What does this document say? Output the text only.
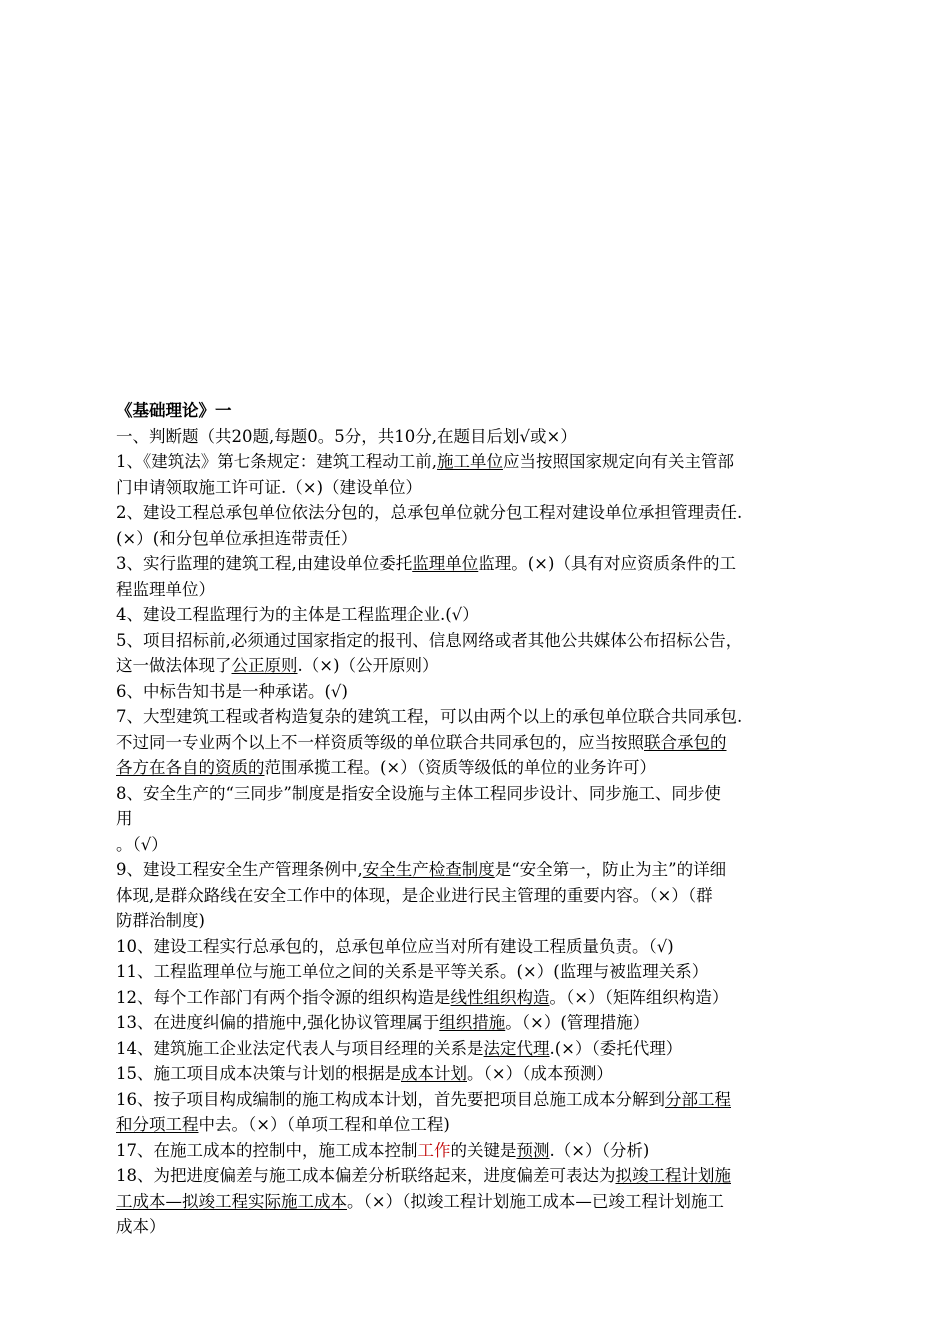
《基础理论》一
一、判断题（共20题,每题0。5分，共10分,在题目后划√或×）
1、《建筑法》第七条规定：建筑工程动工前,施工单位应当按照国家规定向有关主管部
门申请领取施工许可证.（×)（建设单位）
2、建设工程总承包单位依法分包的，总承包单位就分包工程对建设单位承担管理责任.
(×）(和分包单位承担连带责任）
3、实行监理的建筑工程,由建设单位委托监理单位监理。(×)（具有对应资质条件的工
程监理单位）
4、建设工程监理行为的主体是工程监理企业.(√）
5、项目招标前,必须通过国家指定的报刊、信息网络或者其他公共媒体公布招标公告，
这一做法体现了公正原则.（×)（公开原则）
6、中标告知书是一种承诺。(√)
7、大型建筑工程或者构造复杂的建筑工程，可以由两个以上的承包单位联合共同承包.
不过同一专业两个以上不一样资质等级的单位联合共同承包的，应当按照联合承包的
各方在各自的资质的范围承揽工程。(×）（资质等级低的单位的业务许可）
8、安全生产的“三同步”制度是指安全设施与主体工程同步设计、同步施工、同步使
用
。（√）
9、建设工程安全生产管理条例中,安全生产检查制度是“安全第一，防止为主”的详细
体现,是群众路线在安全工作中的体现，是企业进行民主管理的重要内容。（×）（群
防群治制度)
10、建设工程实行总承包的，总承包单位应当对所有建设工程质量负责。（√)
11、工程监理单位与施工单位之间的关系是平等关系。(×）(监理与被监理关系）
12、每个工作部门有两个指令源的组织构造是线性组织构造。（×）（矩阵组织构造）
13、在进度纠偏的措施中,强化协议管理属于组织措施。（×）(管理措施）
14、建筑施工企业法定代表人与项目经理的关系是法定代理.(×）（委托代理）
15、施工项目成本决策与计划的根据是成本计划。（×）（成本预测）
16、按子项目构成编制的施工构成本计划，首先要把项目总施工成本分解到分部工程
和分项工程中去。（×）（单项工程和单位工程)
17、在施工成本的控制中，施工成本控制工作的关键是预测.（×）（分析)
18、为把进度偏差与施工成本偏差分析联络起来，进度偏差可表达为拟竣工程计划施
工成本—拟竣工程实际施工成本。（×）（拟竣工程计划施工成本—已竣工程计划施工
成本）
